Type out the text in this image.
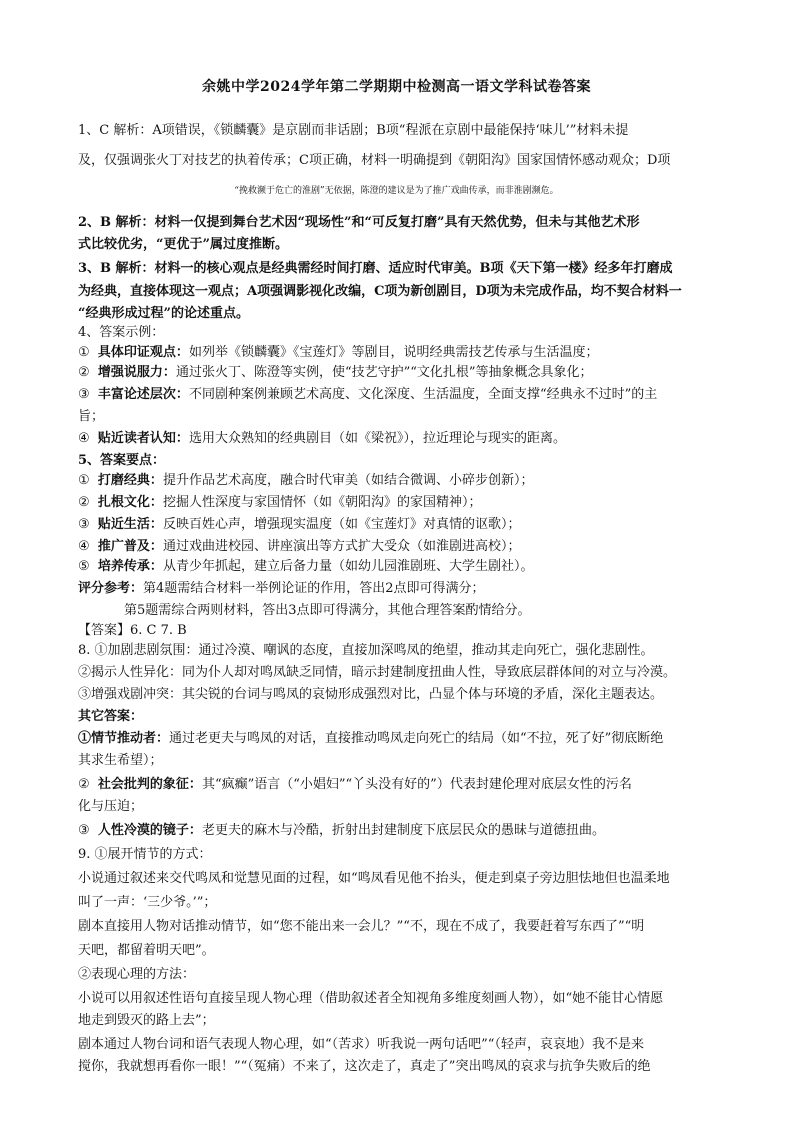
余姚中学2024学年第二学期期中检测高一语文学科试卷答案
1、C 解析：A项错误，《锁麟囊》是京剧而非话剧；B项“程派在京剧中最能保持‘味儿’”材料未提
及，仅强调张火丁对技艺的执着传承；C项正确，材料一明确提到《朝阳沟》国家国情怀感动观众；D项
“挽救濒于危亡的淮剧”无依据，陈澄的建议是为了推广戏曲传承，而非淮剧濒危。
2、B 解析：材料一仅提到舞台艺术因“现场性”和“可反复打磨”具有天然优势，但未与其他艺术形
式比较优劣，“更优于”属过度推断。
3、B 解析：材料一的核心观点是经典需经时间打磨、适应时代审美。B项《天下第一楼》经多年打磨成
为经典，直接体现这一观点；A项强调影视化改编，C项为新创剧目，D项为未完成作品，均不契合材料一
“经典形成过程”的论述重点。
4、答案示例：
① 具体印证观点：如列举《锁麟囊》《宝莲灯》等剧目，说明经典需技艺传承与生活温度；
② 增强说服力：通过张火丁、陈澄等实例，使“技艺守护”“文化扎根”等抽象概念具象化；
③ 丰富论述层次：不同剧种案例兼顾艺术高度、文化深度、生活温度，全面支撑“经典永不过时”的主
旨；
④ 贴近读者认知：选用大众熟知的经典剧目（如《梁祝》），拉近理论与现实的距离。
5、答案要点：
① 打磨经典：提升作品艺术高度，融合时代审美（如结合微调、小碎步创新）；
② 扎根文化：挖掘人性深度与家国情怀（如《朝阳沟》的家国精神）；
③ 贴近生活：反映百姓心声，增强现实温度（如《宝莲灯》对真情的讴歌）；
④ 推广普及：通过戏曲进校园、讲座演出等方式扩大受众（如淮剧进高校）；
⑤ 培养传承：从青少年抓起，建立后备力量（如幼儿园淮剧班、大学生剧社）。
评分参考：第4题需结合材料一举例论证的作用，答出2点即可得满分；
第5题需综合两则材料，答出3点即可得满分，其他合理答案酌情给分。
【答案】6. C 7. B
8. ①加剧悲剧氛围：通过冷漠、嘲讽的态度，直接加深鸣凤的绝望，推动其走向死亡，强化悲剧性。
②揭示人性异化：同为仆人却对鸣凤缺乏同情，暗示封建制度扭曲人性，导致底层群体间的对立与冷漠。
③增强戏剧冲突：其尖锐的台词与鸣凤的哀恸形成强烈对比，凸显个体与环境的矛盾，深化主题表达。
其它答案：
①情节推动者：通过老更夫与鸣凤的对话，直接推动鸣凤走向死亡的结局（如“不拉，死了好”彻底断绝
其求生希望）；
② 社会批判的象征：其“疯癫”语言（“小娼妇”“丫头没有好的”）代表封建伦理对底层女性的污名
化与压迫；
③ 人性冷漠的镜子：老更夫的麻木与冷酷，折射出封建制度下底层民众的愚昧与道德扭曲。
9. ①展开情节的方式：
小说通过叙述来交代鸣凤和觉慧见面的过程，如“鸣凤看见他不抬头，便走到桌子旁边胆怯地但也温柔地
叫了一声：‘三少爷。’”；
剧本直接用人物对话推动情节，如“您不能出来一会儿？”“不，现在不成了，我要赶着写东西了”“明
天吧，都留着明天吧”。
②表现心理的方法：
小说可以用叙述性语句直接呈现人物心理（借助叙述者全知视角多维度刻画人物），如“她不能甘心情愿
地走到毁灭的路上去”；
剧本通过人物台词和语气表现人物心理，如“（苦求）听我说一两句话吧”“（轻声，哀哀地）我不是来
搅你，我就想再看你一眼！”“（冤痛）不来了，这次走了，真走了”突出鸣凤的哀求与抗争失败后的绝
